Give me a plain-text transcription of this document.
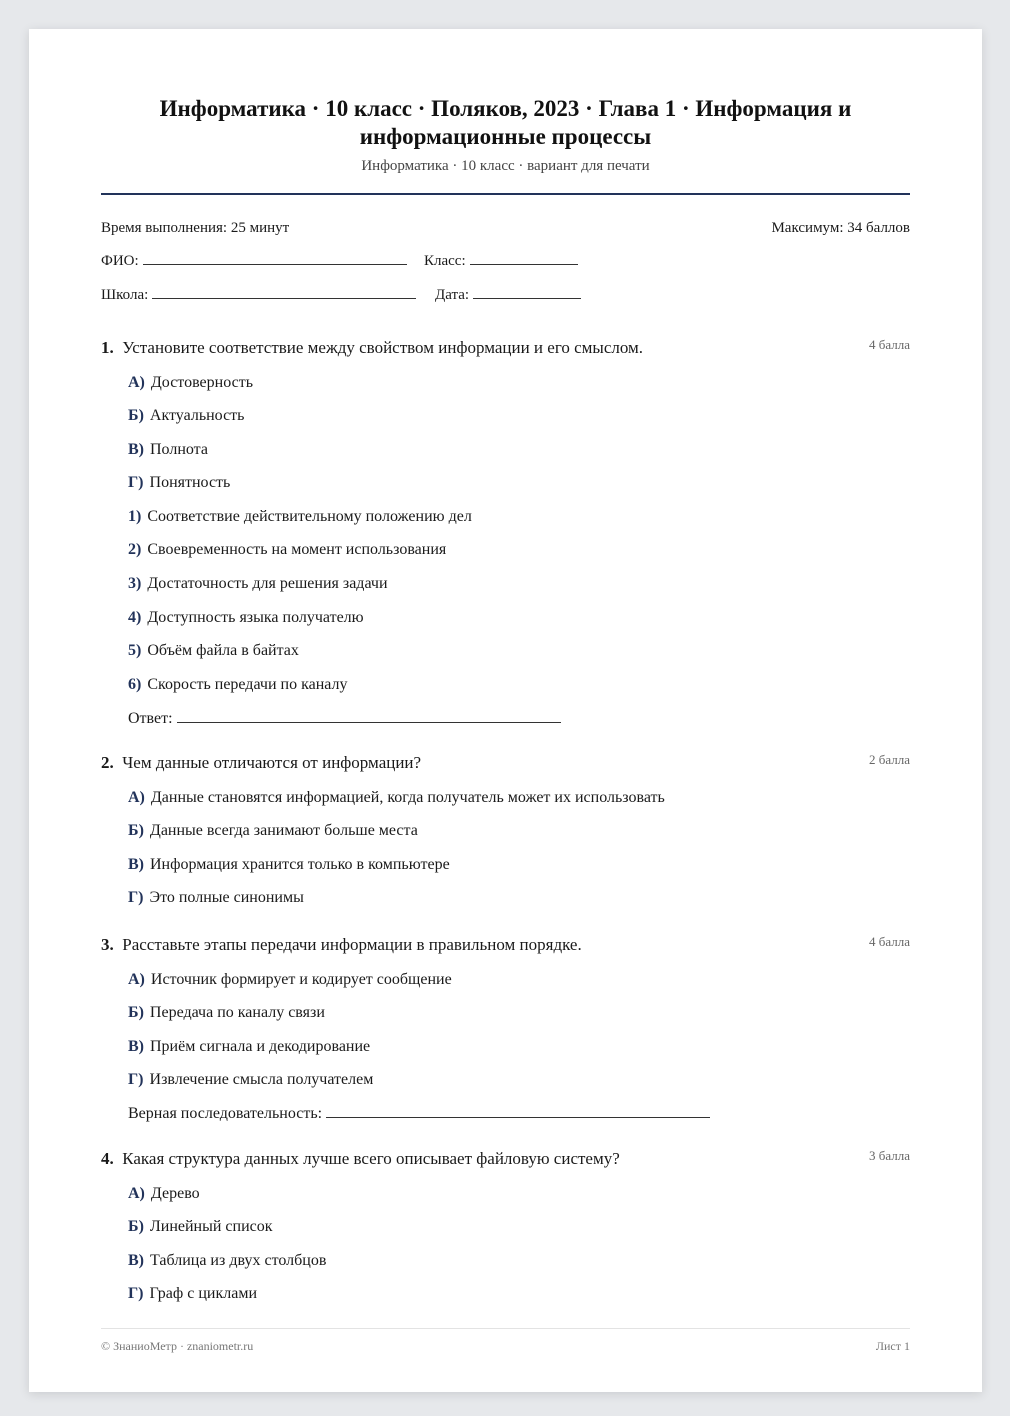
Информатика · 10 класс · Поляков, 2023 · Глава 1 · Информация и информационные процессы
Информатика · 10 класс · вариант для печати
Время выполнения: 25 минут	Максимум: 34 баллов
ФИО:	Класс:
Школа:	Дата:
1. Установите соответствие между свойством информации и его смыслом.	4 балла
А) Достоверность
Б) Актуальность
В) Полнота
Г) Понятность
1) Соответствие действительному положению дел
2) Своевременность на момент использования
3) Достаточность для решения задачи
4) Доступность языка получателю
5) Объём файла в байтах
6) Скорость передачи по каналу
Ответ:
2. Чем данные отличаются от информации?	2 балла
А) Данные становятся информацией, когда получатель может их использовать
Б) Данные всегда занимают больше места
В) Информация хранится только в компьютере
Г) Это полные синонимы
3. Расставьте этапы передачи информации в правильном порядке.	4 балла
А) Источник формирует и кодирует сообщение
Б) Передача по каналу связи
В) Приём сигнала и декодирование
Г) Извлечение смысла получателем
Верная последовательность:
4. Какая структура данных лучше всего описывает файловую систему?	3 балла
А) Дерево
Б) Линейный список
В) Таблица из двух столбцов
Г) Граф с циклами
© ЗнаниоМетр · znaniometr.ru	Лист 1
